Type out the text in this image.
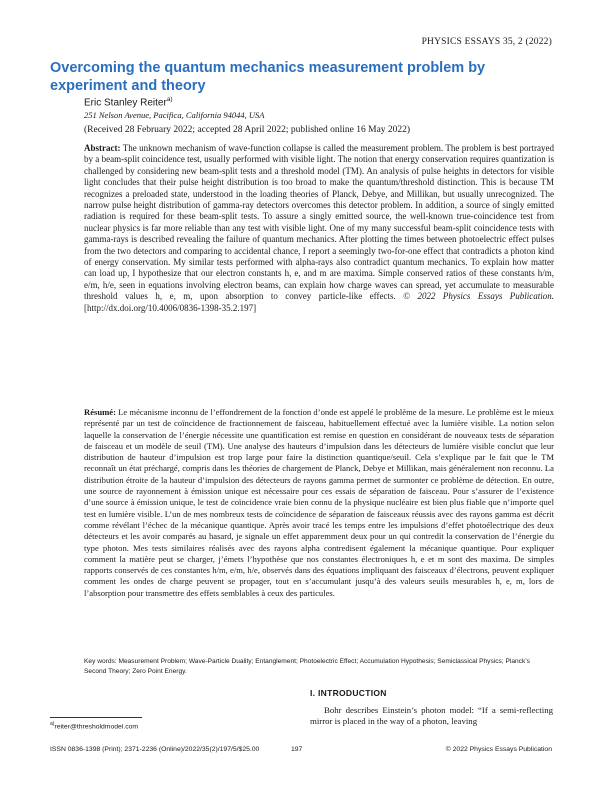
PHYSICS ESSAYS 35, 2 (2022)
Overcoming the quantum mechanics measurement problem by experiment and theory
Eric Stanley Reiter$^{a)}$
251 Nelson Avenue, Pacifica, California 94044, USA
(Received 28 February 2022; accepted 28 April 2022; published online 16 May 2022)
Abstract: The unknown mechanism of wave-function collapse is called the measurement problem. The problem is best portrayed by a beam-split coincidence test, usually performed with visible light. The notion that energy conservation requires quantization is challenged by considering new beam-split tests and a threshold model (TM). An analysis of pulse heights in detectors for visible light concludes that their pulse height distribution is too broad to make the quantum/threshold distinction. This is because TM recognizes a preloaded state, understood in the loading theories of Planck, Debye, and Millikan, but usually unrecognized. The narrow pulse height distribution of gamma-ray detectors overcomes this detector problem. In addition, a source of singly emitted radiation is required for these beam-split tests. To assure a singly emitted source, the well-known true-coincidence test from nuclear physics is far more reliable than any test with visible light. One of my many successful beam-split coincidence tests with gamma-rays is described revealing the failure of quantum mechanics. After plotting the times between photoelectric effect pulses from the two detectors and comparing to accidental chance, I report a seemingly two-for-one effect that contradicts a photon kind of energy conservation. My similar tests performed with alpha-rays also contradict quantum mechanics. To explain how matter can load up, I hypothesize that our electron constants h, e, and m are maxima. Simple conserved ratios of these constants h/m, e/m, h/e, seen in equations involving electron beams, can explain how charge waves can spread, yet accumulate to measurable threshold values h, e, m, upon absorption to convey particle-like effects. © 2022 Physics Essays Publication. [http://dx.doi.org/10.4006/0836-1398-35.2.197]
Résumé: Le mécanisme inconnu de l’effondrement de la fonction d’onde est appelé le problème de la mesure. Le problème est le mieux représenté par un test de coïncidence de fractionnement de faisceau, habituellement effectué avec la lumière visible. La notion selon laquelle la conservation de l’énergie nécessite une quantification est remise en question en considérant de nouveaux tests de séparation de faisceau et un modèle de seuil (TM). Une analyse des hauteurs d’impulsion dans les détecteurs de lumière visible conclut que leur distribution de hauteur d’impulsion est trop large pour faire la distinction quantique/seuil. Cela s’explique par le fait que le TM reconnaît un état préchargé, compris dans les théories de chargement de Planck, Debye et Millikan, mais généralement non reconnu. La distribution étroite de la hauteur d’impulsion des détecteurs de rayons gamma permet de surmonter ce problème de détection. En outre, une source de rayonnement à émission unique est nécessaire pour ces essais de séparation de faisceau. Pour s’assurer de l’existence d’une source à émission unique, le test de coïncidence vraie bien connu de la physique nucléaire est bien plus fiable que n’importe quel test en lumière visible. L’un de mes nombreux tests de coïncidence de séparation de faisceaux réussis avec des rayons gamma est décrit comme révélant l’échec de la mécanique quantique. Après avoir tracé les temps entre les impulsions d’effet photoélectrique des deux détecteurs et les avoir comparés au hasard, je signale un effet apparemment deux pour un qui contredit la conservation de l’énergie du type photon. Mes tests similaires réalisés avec des rayons alpha contredisent également la mécanique quantique. Pour expliquer comment la matière peut se charger, j’émets l’hypothèse que nos constantes électroniques h, e et m sont des maxima. De simples rapports conservés de ces constantes h/m, e/m, h/e, observés dans des équations impliquant des faisceaux d’électrons, peuvent expliquer comment les ondes de charge peuvent se propager, tout en s’accumulant jusqu’à des valeurs seuils mesurables h, e, m, lors de l’absorption pour transmettre des effets semblables à ceux des particules.
Key words: Measurement Problem; Wave-Particle Duality; Entanglement; Photoelectric Effect; Accumulation Hypothesis; Semiclassical Physics; Planck’s Second Theory; Zero Point Energy.
I. INTRODUCTION
Bohr describes Einstein’s photon model: “If a semi-reflecting mirror is placed in the way of a photon, leaving
$^{a)}$reiter@thresholdmodel.com
ISSN 0836-1398 (Print); 2371-2236 (Online)/2022/35(2)/197/5/$25.00	197	© 2022 Physics Essays Publication
